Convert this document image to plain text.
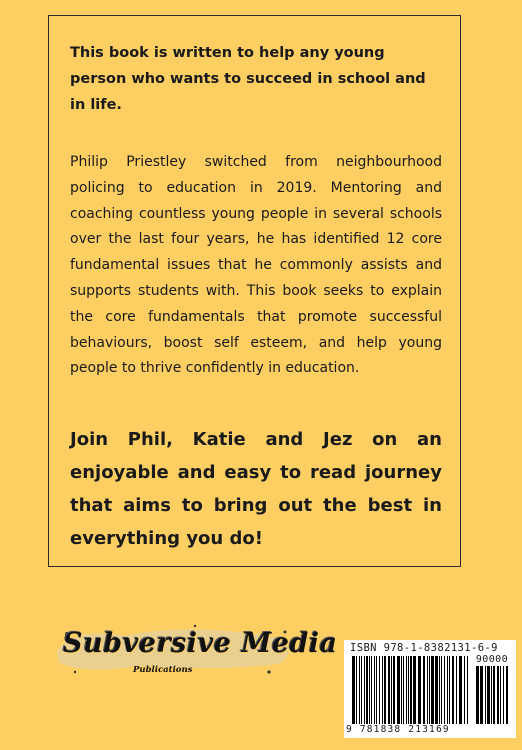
This book is written to help any young person who wants to succeed in school and in life.

Philip Priestley switched from neighbourhood policing to education in 2019. Mentoring and coaching countless young people in several schools over the last four years, he has identified 12 core fundamental issues that he commonly assists and supports students with. This book seeks to explain the core fundamentals that promote successful behaviours, boost self esteem, and help young people to thrive confidently in education.

Join Phil, Katie and Jez on an enjoyable and easy to read journey that aims to bring out the best in everything you do!

Subversive Media
Publications
ISBN 978-1-8382131-6-9
90000
9 781838 213169
